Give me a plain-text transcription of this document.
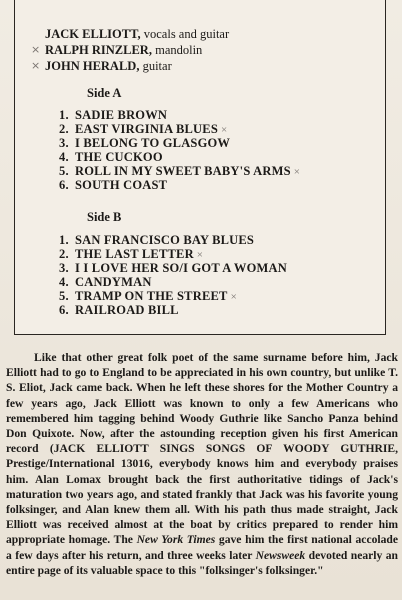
×
×
JACK ELLIOTT, vocals and guitar
RALPH RINZLER, mandolin
JOHN HERALD, guitar
Side A
1. SADIE BROWN
2. EAST VIRGINIA BLUES ×
3. I BELONG TO GLASGOW
4. THE CUCKOO
5. ROLL IN MY SWEET BABY'S ARMS ×
6. SOUTH COAST
Side B
1. SAN FRANCISCO BAY BLUES
2. THE LAST LETTER ×
3. I I LOVE HER SO/I GOT A WOMAN
4. CANDYMAN
5. TRAMP ON THE STREET ×
6. RAILROAD BILL

Like that other great folk poet of the same surname before him, Jack Elliott had to go to England to be appreciated in his own country, but unlike T. S. Eliot, Jack came back. When he left these shores for the Mother Country a few years ago, Jack Elliott was known to only a few Americans who remembered him tagging behind Woody Guthrie like Sancho Panza behind Don Quixote. Now, after the astounding reception given his first American record (JACK ELLIOTT SINGS SONGS OF WOODY GUTHRIE, Prestige/International 13016, everybody knows him and everybody praises him. Alan Lomax brought back the first authoritative tidings of Jack's maturation two years ago, and stated frankly that Jack was his favorite young folksinger, and Alan knew them all. With his path thus made straight, Jack Elliott was received almost at the boat by critics prepared to render him appropriate homage. The New York Times gave him the first national accolade a few days after his return, and three weeks later Newsweek devoted nearly an entire page of its valuable space to this "folksinger's folksinger."
